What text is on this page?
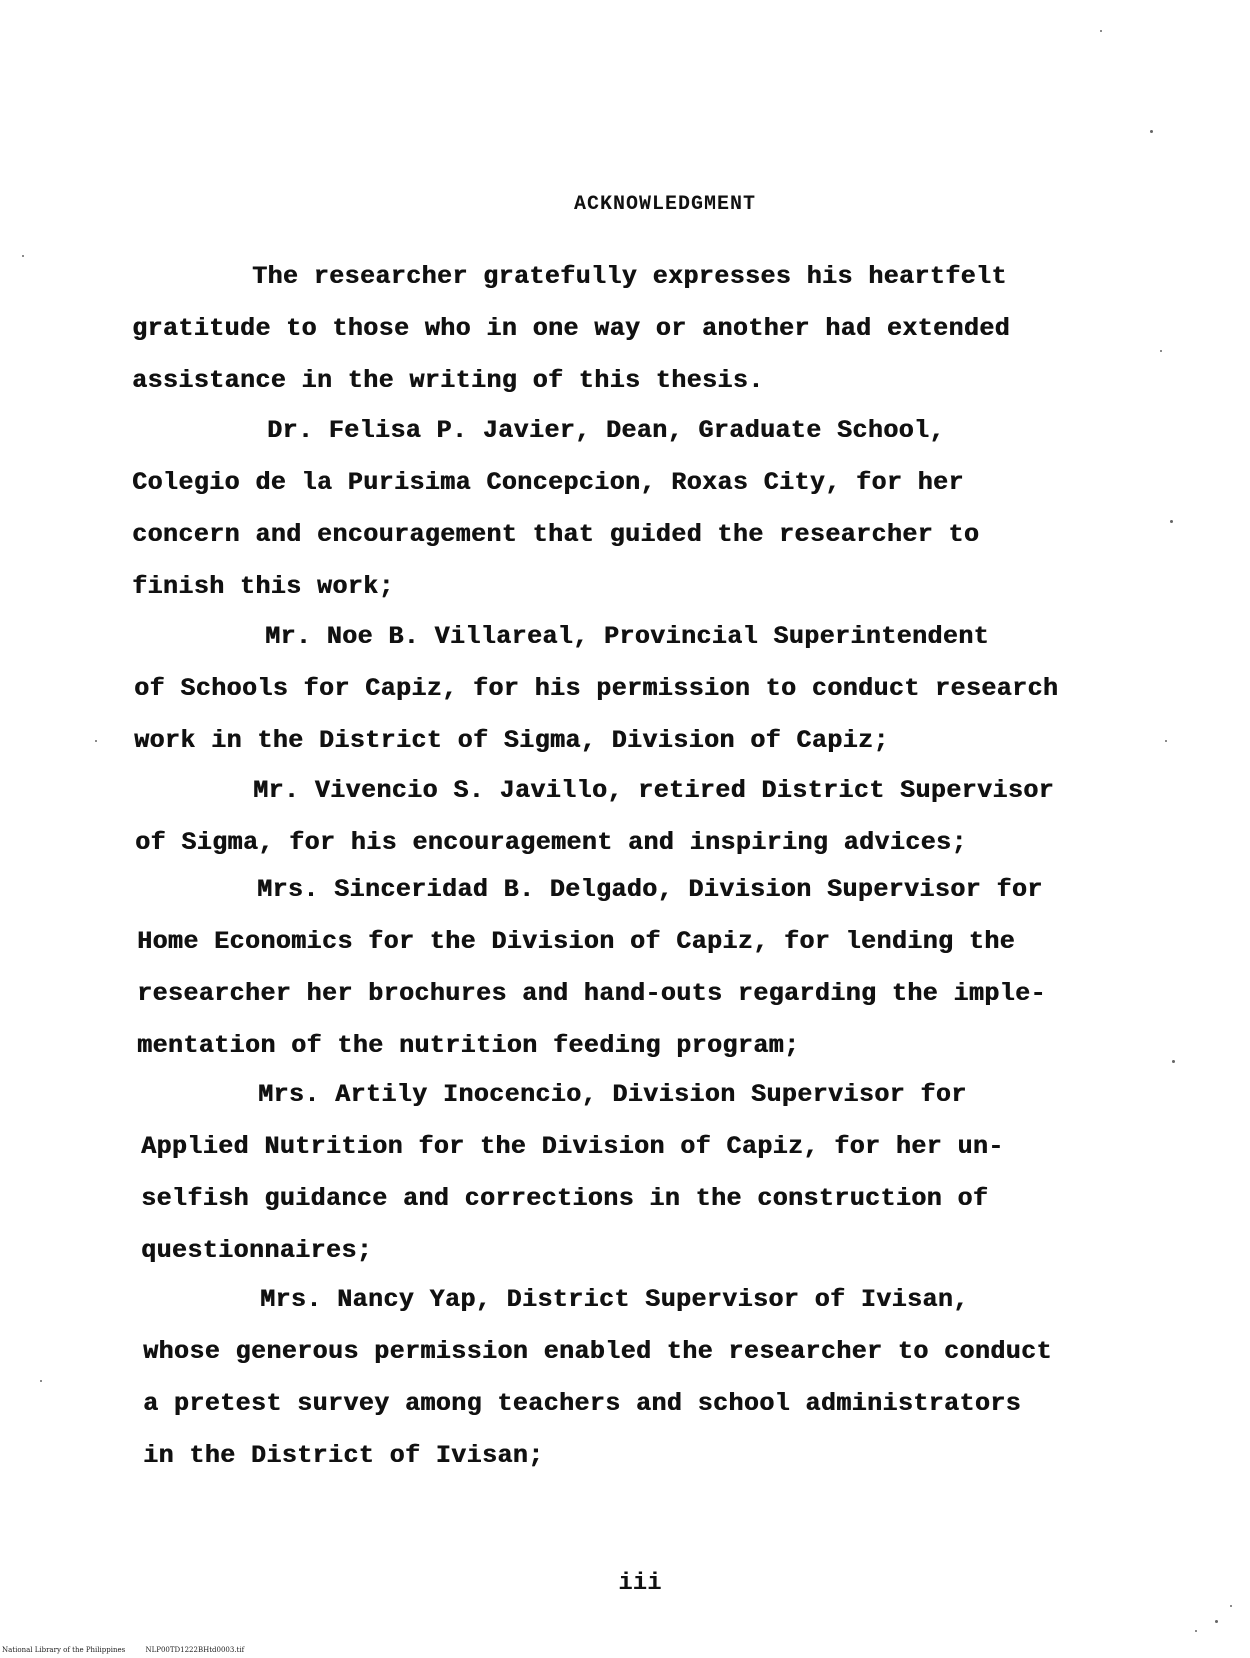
ACKNOWLEDGMENT
The researcher gratefully expresses his heartfelt
gratitude to those who in one way or another had extended
assistance in the writing of this thesis.
Dr. Felisa P. Javier, Dean, Graduate School,
Colegio de la Purisima Concepcion, Roxas City, for her
concern and encouragement that guided the researcher to
finish this work;
Mr. Noe B. Villareal, Provincial Superintendent
of Schools for Capiz, for his permission to conduct research
work in the District of Sigma, Division of Capiz;
Mr. Vivencio S. Javillo, retired District Supervisor
of Sigma, for his encouragement and inspiring advices;
Mrs. Sinceridad B. Delgado, Division Supervisor for
Home Economics for the Division of Capiz, for lending the
researcher her brochures and hand-outs regarding the imple-
mentation of the nutrition feeding program;
Mrs. Artily Inocencio, Division Supervisor for
Applied Nutrition for the Division of Capiz, for her un-
selfish guidance and corrections in the construction of
questionnaires;
Mrs. Nancy Yap, District Supervisor of Ivisan,
whose generous permission enabled the researcher to conduct
a pretest survey among teachers and school administrators
in the District of Ivisan;
iii
National Library of the Philippines	NLP00TD1222BHtd0003.tif
